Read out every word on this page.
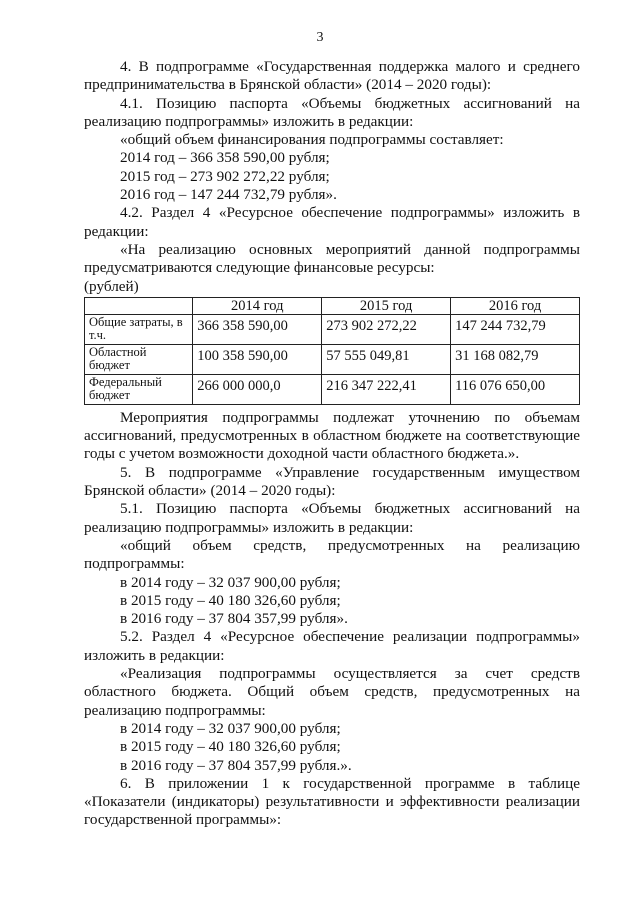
3

4. В подпрограмме «Государственная поддержка малого и среднего предпринимательства в Брянской области» (2014 – 2020 годы):

4.1. Позицию паспорта «Объемы бюджетных ассигнований на реализацию подпрограммы» изложить в редакции:

«общий объем финансирования подпрограммы составляет:

2014 год – 366 358 590,00 рубля;

2015 год – 273 902 272,22 рубля;

2016 год – 147 244 732,79 рубля».

4.2. Раздел 4 «Ресурсное обеспечение подпрограммы» изложить в редакции:

«На реализацию основных мероприятий данной подпрограммы предусматриваются следующие финансовые ресурсы:

(рублей)

	2014 год	2015 год	2016 год
Общие затраты, в т.ч.	366 358 590,00	273 902 272,22	147 244 732,79
Областной бюджет	100 358 590,00	57 555 049,81	31 168 082,79
Федеральный бюджет	266 000 000,0	216 347 222,41	116 076 650,00

Мероприятия подпрограммы подлежат уточнению по объемам ассигнований, предусмотренных в областном бюджете на соответствующие годы с учетом возможности доходной части областного бюджета.».

5. В подпрограмме «Управление государственным имуществом Брянской области» (2014 – 2020 годы):

5.1. Позицию паспорта «Объемы бюджетных ассигнований на реализацию подпрограммы» изложить в редакции:

«общий объем средств, предусмотренных на реализацию подпрограммы:

в 2014 году – 32 037 900,00 рубля;

в 2015 году – 40 180 326,60 рубля;

в 2016 году – 37 804 357,99 рубля».

5.2. Раздел 4 «Ресурсное обеспечение реализации подпрограммы» изложить в редакции:

«Реализация подпрограммы осуществляется за счет средств областного бюджета. Общий объем средств, предусмотренных на реализацию подпрограммы:

в 2014 году – 32 037 900,00 рубля;

в 2015 году – 40 180 326,60 рубля;

в 2016 году – 37 804 357,99 рубля.».

6. В приложении 1 к государственной программе в таблице «Показатели (индикаторы) результативности и эффективности реализации государственной программы»:
